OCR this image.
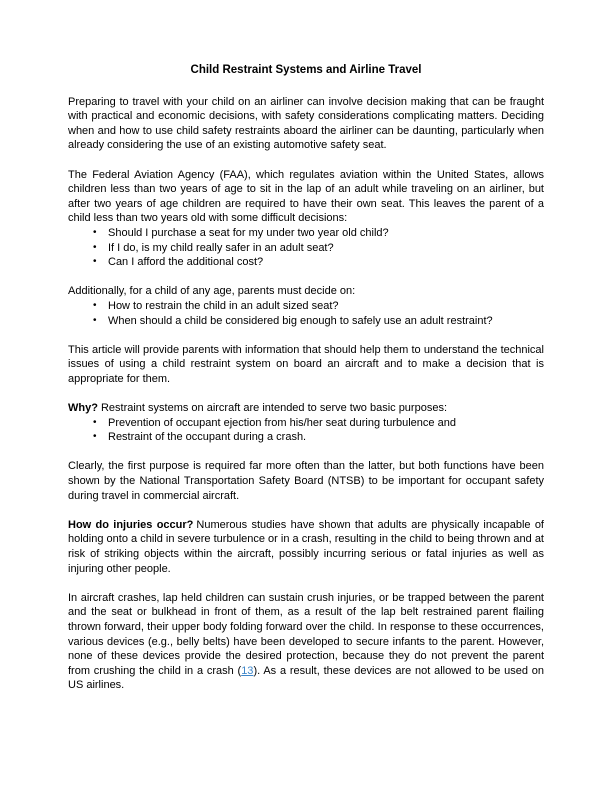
Child Restraint Systems and Airline Travel

Preparing to travel with your child on an airliner can involve decision making that can be fraught with practical and economic decisions, with safety considerations complicating matters. Deciding when and how to use child safety restraints aboard the airliner can be daunting, particularly when already considering the use of an existing automotive safety seat.

The Federal Aviation Agency (FAA), which regulates aviation within the United States, allows children less than two years of age to sit in the lap of an adult while traveling on an airliner, but after two years of age children are required to have their own seat. This leaves the parent of a child less than two years old with some difficult decisions:

• Should I purchase a seat for my under two year old child?
• If I do, is my child really safer in an adult seat?
• Can I afford the additional cost?

Additionally, for a child of any age, parents must decide on:

• How to restrain the child in an adult sized seat?
• When should a child be considered big enough to safely use an adult restraint?

This article will provide parents with information that should help them to understand the technical issues of using a child restraint system on board an aircraft and to make a decision that is appropriate for them.

Why? Restraint systems on aircraft are intended to serve two basic purposes:

• Prevention of occupant ejection from his/her seat during turbulence and
• Restraint of the occupant during a crash.

Clearly, the first purpose is required far more often than the latter, but both functions have been shown by the National Transportation Safety Board (NTSB) to be important for occupant safety during travel in commercial aircraft.

How do injuries occur? Numerous studies have shown that adults are physically incapable of holding onto a child in severe turbulence or in a crash, resulting in the child to being thrown and at risk of striking objects within the aircraft, possibly incurring serious or fatal injuries as well as injuring other people.

In aircraft crashes, lap held children can sustain crush injuries, or be trapped between the parent and the seat or bulkhead in front of them, as a result of the lap belt restrained parent flailing thrown forward, their upper body folding forward over the child. In response to these occurrences, various devices (e.g., belly belts) have been developed to secure infants to the parent. However, none of these devices provide the desired protection, because they do not prevent the parent from crushing the child in a crash (13). As a result, these devices are not allowed to be used on US airlines.
